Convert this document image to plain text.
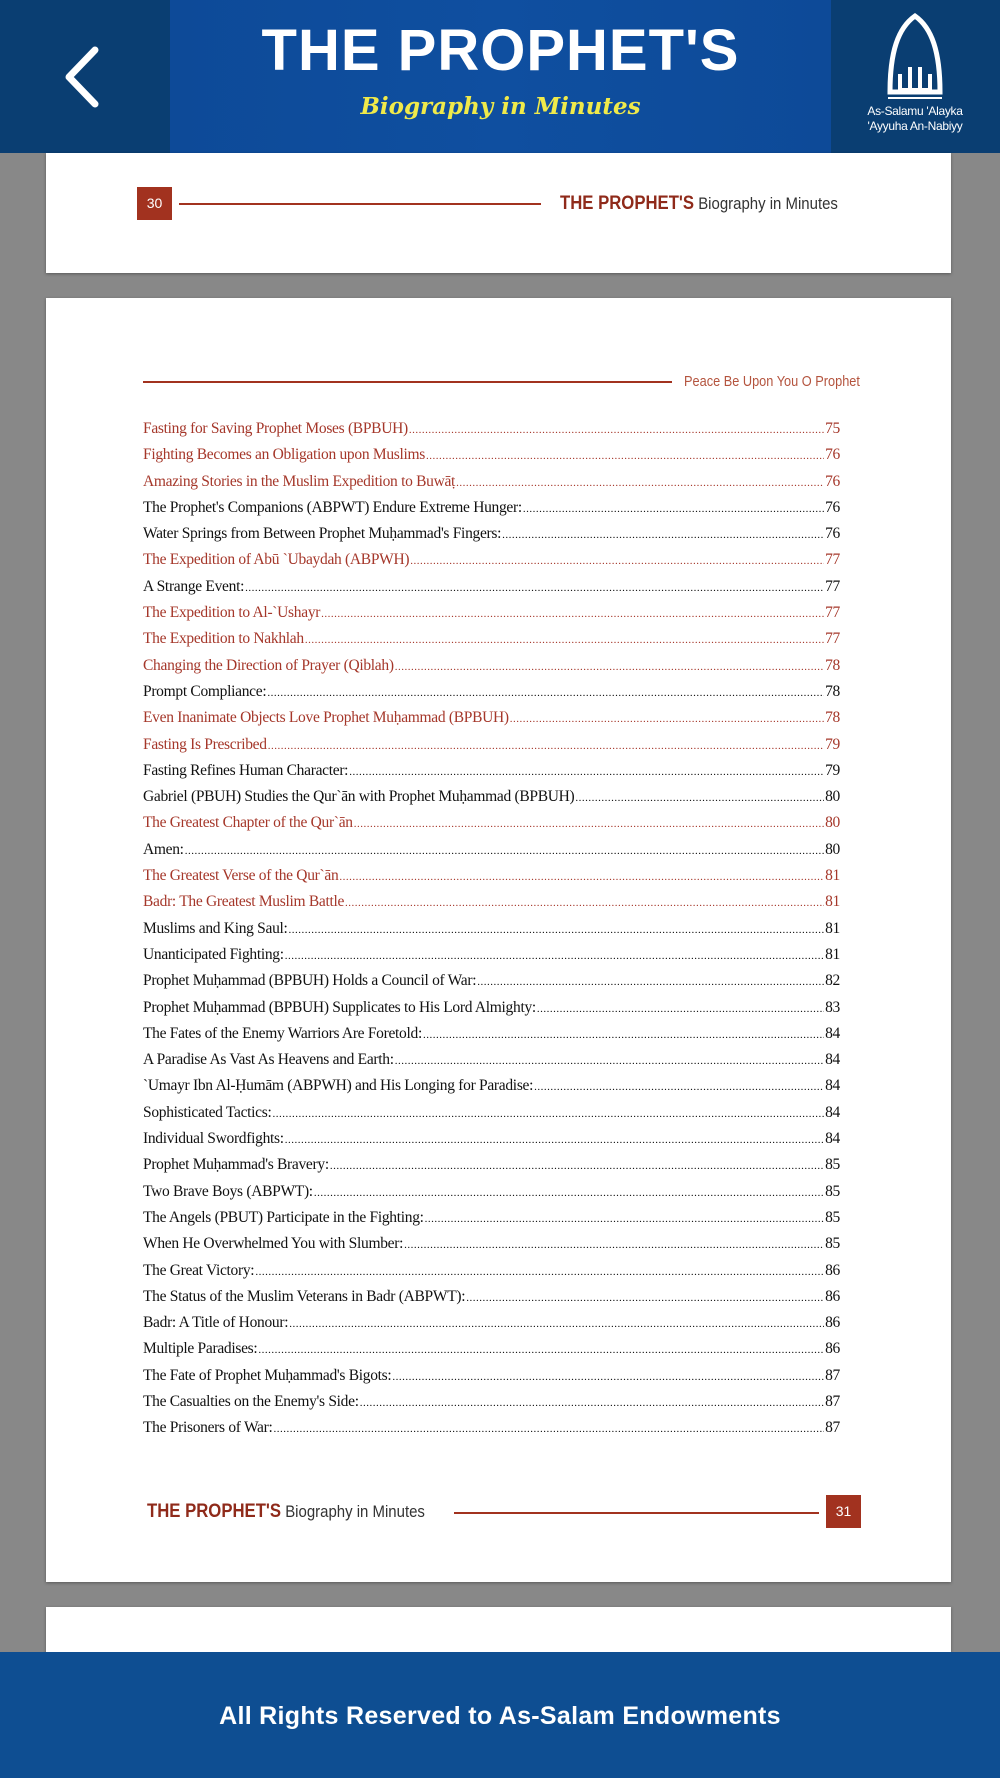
THE PROPHET'S
Biography in Minutes	As-Salamu 'Alayka
'Ayyuha An-Nabiyy
30	THE PROPHET'S Biography in Minutes
Peace Be Upon You O Prophet
Fasting for Saving Prophet Moses (BPBUH) .....	75
Fighting Becomes an Obligation upon Muslims .....	76
Amazing Stories in the Muslim Expedition to Buwāṭ .....	76
The Prophet's Companions (ABPWT) Endure Extreme Hunger: .....	76
Water Springs from Between Prophet Muḥammad's Fingers: .....	76
The Expedition of Abū `Ubaydah (ABPWH) .....	77
A Strange Event: .....	77
The Expedition to Al-`Ushayr .....	77
The Expedition to Nakhlah .....	77
Changing the Direction of Prayer (Qiblah) .....	78
Prompt Compliance: .....	78
Even Inanimate Objects Love Prophet Muḥammad (BPBUH) .....	78
Fasting Is Prescribed .....	79
Fasting Refines Human Character: .....	79
Gabriel (PBUH) Studies the Qur`ān with Prophet Muḥammad (BPBUH) .....	80
The Greatest Chapter of the Qur`ān .....	80
Amen: .....	80
The Greatest Verse of the Qur`ān .....	81
Badr: The Greatest Muslim Battle .....	81
Muslims and King Saul: .....	81
Unanticipated Fighting: .....	81
Prophet Muḥammad (BPBUH) Holds a Council of War: .....	82
Prophet Muḥammad (BPBUH) Supplicates to His Lord Almighty: .....	83
The Fates of the Enemy Warriors Are Foretold: .....	84
A Paradise As Vast As Heavens and Earth: .....	84
`Umayr Ibn Al-Ḥumām (ABPWH) and His Longing for Paradise: .....	84
Sophisticated Tactics: .....	84
Individual Swordfights: .....	84
Prophet Muḥammad's Bravery: .....	85
Two Brave Boys (ABPWT): .....	85
The Angels (PBUT) Participate in the Fighting: .....	85
When He Overwhelmed You with Slumber: .....	85
The Great Victory: .....	86
The Status of the Muslim Veterans in Badr (ABPWT): .....	86
Badr: A Title of Honour: .....	86
Multiple Paradises: .....	86
The Fate of Prophet Muḥammad's Bigots: .....	87
The Casualties on the Enemy's Side: .....	87
The Prisoners of War: .....	87
THE PROPHET'S Biography in Minutes	31
All Rights Reserved to As-Salam Endowments
